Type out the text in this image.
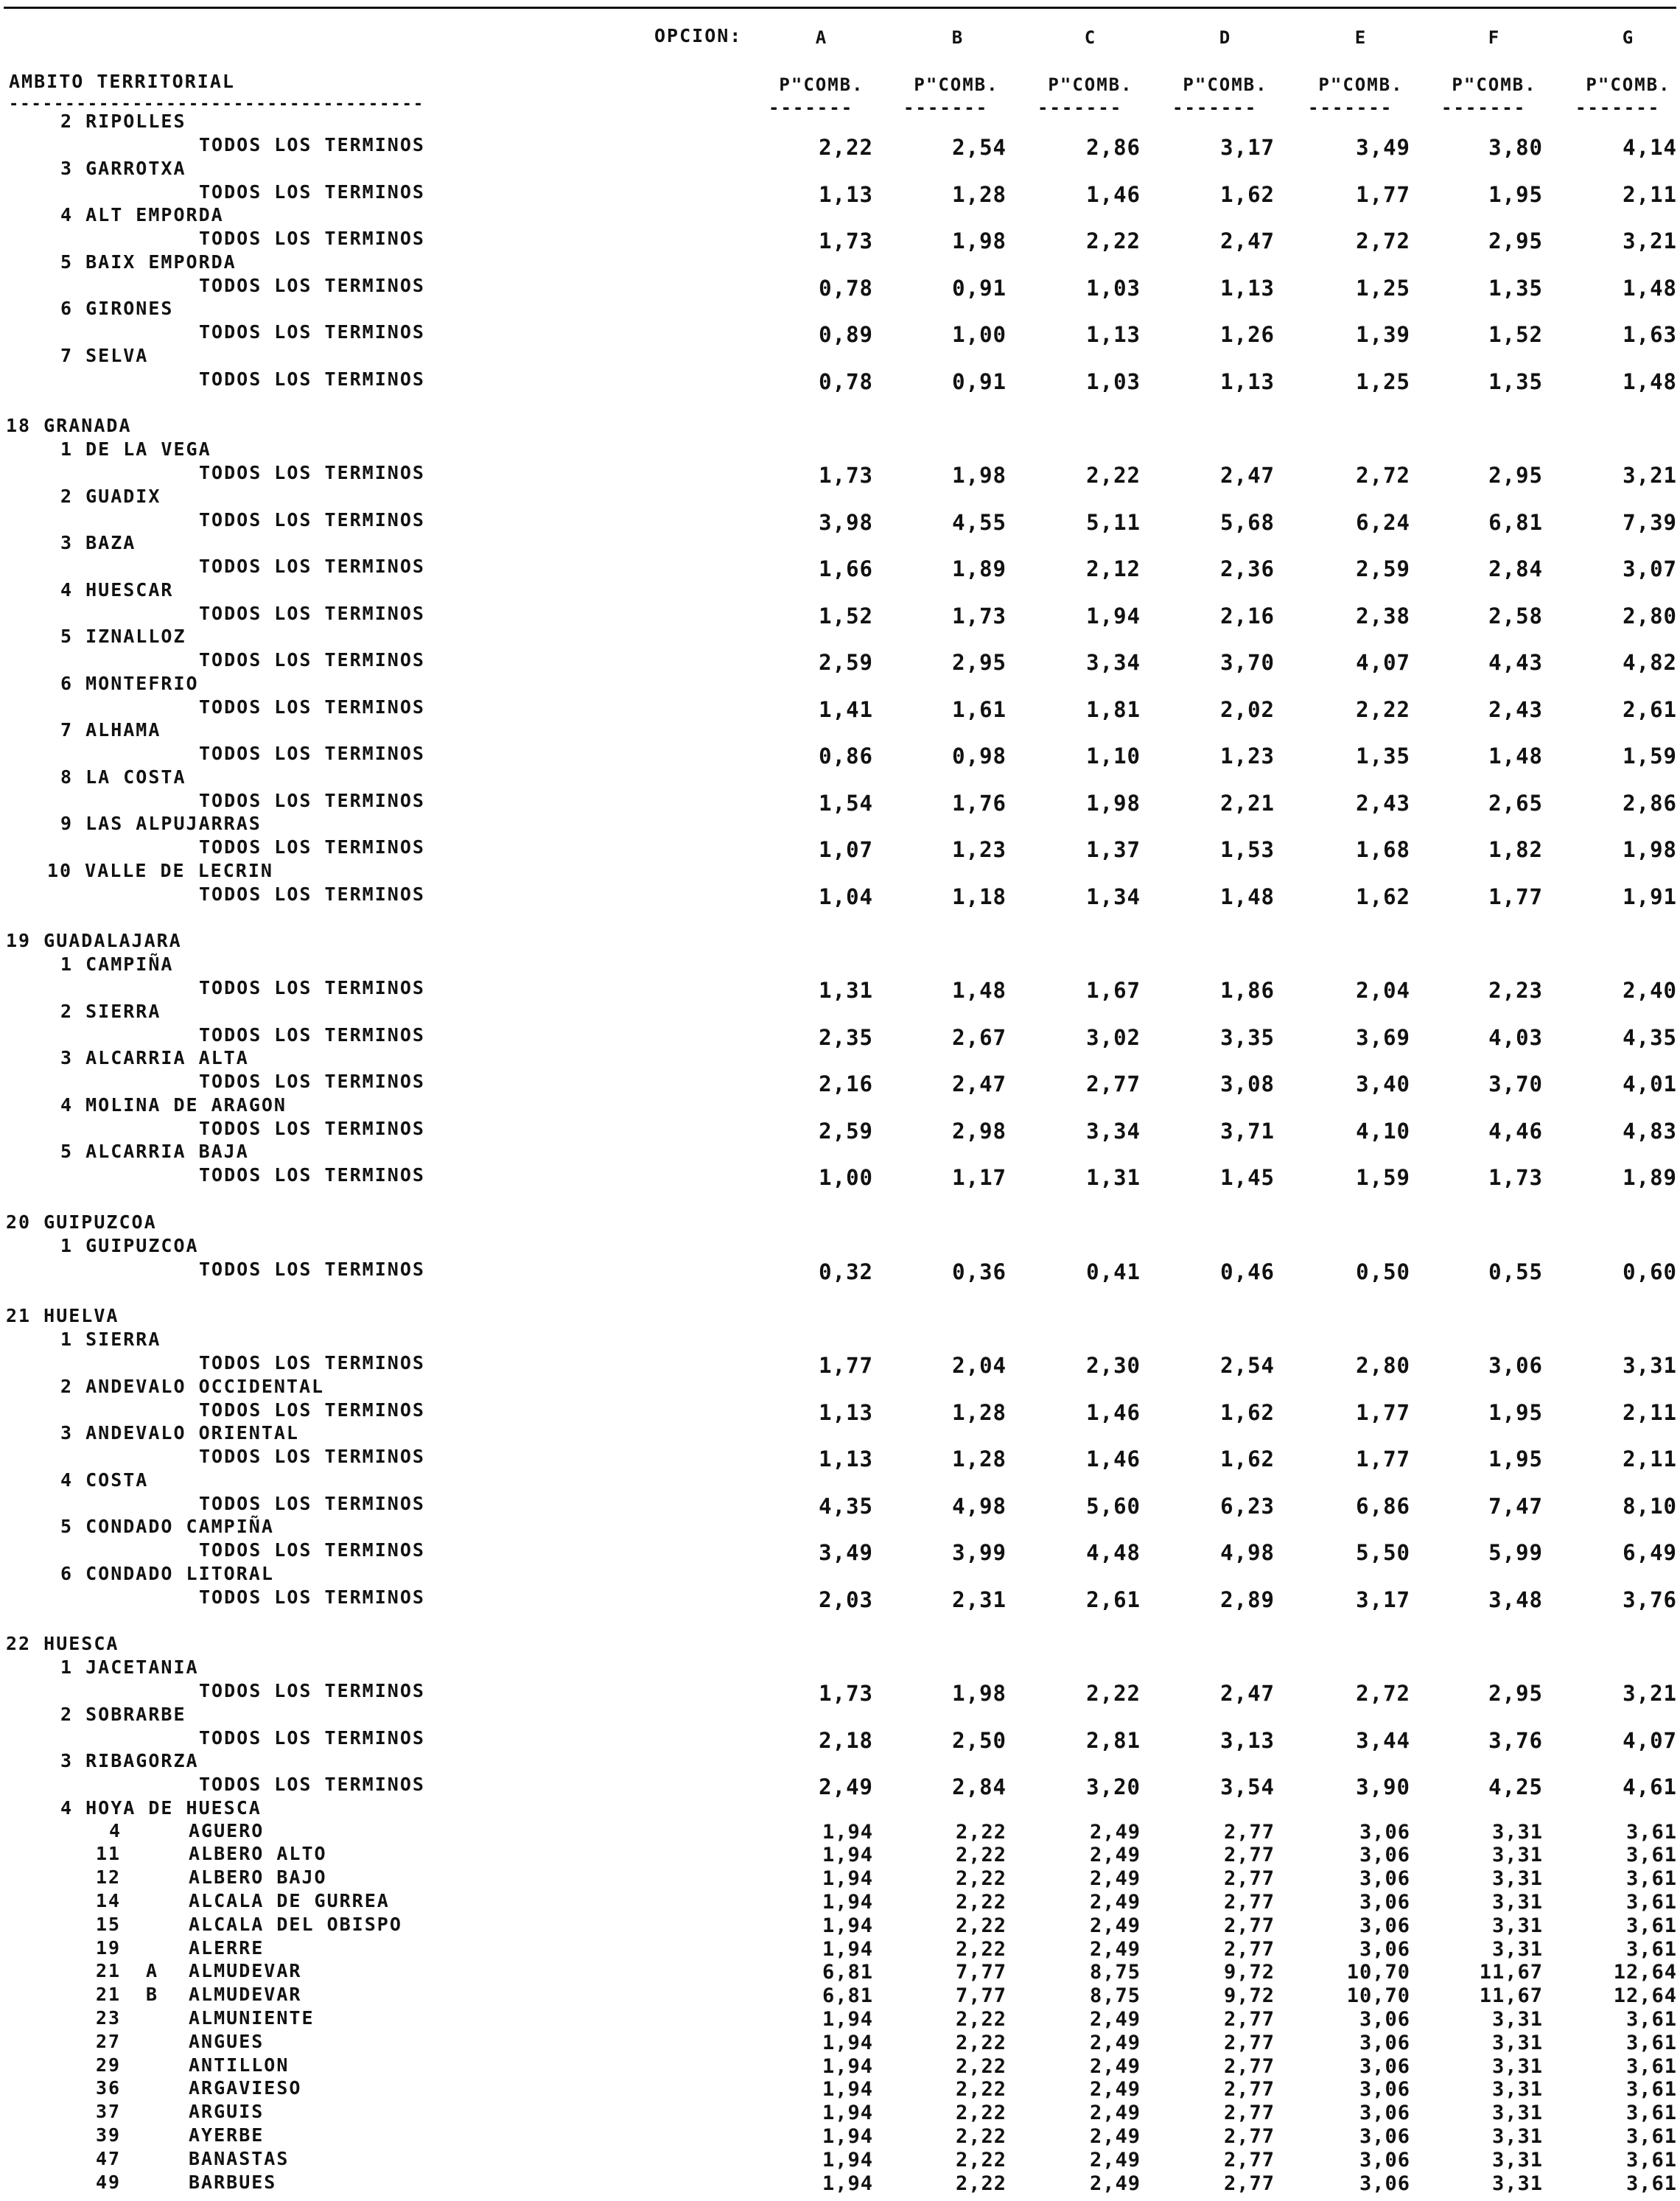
OPCION:	A	B	C	D	E	F	G
AMBITO TERRITORIAL
-------------------------------------
P"COMB.	P"COMB.	P"COMB.	P"COMB.	P"COMB.	P"COMB.	P"COMB.
-------	-------	-------	-------	-------	-------	-------
2 RIPOLLES
TODOS LOS TERMINOS	2,22	2,54	2,86	3,17	3,49	3,80	4,14
3 GARROTXA
TODOS LOS TERMINOS	1,13	1,28	1,46	1,62	1,77	1,95	2,11
4 ALT EMPORDA
TODOS LOS TERMINOS	1,73	1,98	2,22	2,47	2,72	2,95	3,21
5 BAIX EMPORDA
TODOS LOS TERMINOS	0,78	0,91	1,03	1,13	1,25	1,35	1,48
6 GIRONES
TODOS LOS TERMINOS	0,89	1,00	1,13	1,26	1,39	1,52	1,63
7 SELVA
TODOS LOS TERMINOS	0,78	0,91	1,03	1,13	1,25	1,35	1,48
18 GRANADA
1 DE LA VEGA
TODOS LOS TERMINOS	1,73	1,98	2,22	2,47	2,72	2,95	3,21
2 GUADIX
TODOS LOS TERMINOS	3,98	4,55	5,11	5,68	6,24	6,81	7,39
3 BAZA
TODOS LOS TERMINOS	1,66	1,89	2,12	2,36	2,59	2,84	3,07
4 HUESCAR
TODOS LOS TERMINOS	1,52	1,73	1,94	2,16	2,38	2,58	2,80
5 IZNALLOZ
TODOS LOS TERMINOS	2,59	2,95	3,34	3,70	4,07	4,43	4,82
6 MONTEFRIO
TODOS LOS TERMINOS	1,41	1,61	1,81	2,02	2,22	2,43	2,61
7 ALHAMA
TODOS LOS TERMINOS	0,86	0,98	1,10	1,23	1,35	1,48	1,59
8 LA COSTA
TODOS LOS TERMINOS	1,54	1,76	1,98	2,21	2,43	2,65	2,86
9 LAS ALPUJARRAS
TODOS LOS TERMINOS	1,07	1,23	1,37	1,53	1,68	1,82	1,98
10 VALLE DE LECRIN
TODOS LOS TERMINOS	1,04	1,18	1,34	1,48	1,62	1,77	1,91
19 GUADALAJARA
1 CAMPIÑA
TODOS LOS TERMINOS	1,31	1,48	1,67	1,86	2,04	2,23	2,40
2 SIERRA
TODOS LOS TERMINOS	2,35	2,67	3,02	3,35	3,69	4,03	4,35
3 ALCARRIA ALTA
TODOS LOS TERMINOS	2,16	2,47	2,77	3,08	3,40	3,70	4,01
4 MOLINA DE ARAGON
TODOS LOS TERMINOS	2,59	2,98	3,34	3,71	4,10	4,46	4,83
5 ALCARRIA BAJA
TODOS LOS TERMINOS	1,00	1,17	1,31	1,45	1,59	1,73	1,89
20 GUIPUZCOA
1 GUIPUZCOA
TODOS LOS TERMINOS	0,32	0,36	0,41	0,46	0,50	0,55	0,60
21 HUELVA
1 SIERRA
TODOS LOS TERMINOS	1,77	2,04	2,30	2,54	2,80	3,06	3,31
2 ANDEVALO OCCIDENTAL
TODOS LOS TERMINOS	1,13	1,28	1,46	1,62	1,77	1,95	2,11
3 ANDEVALO ORIENTAL
TODOS LOS TERMINOS	1,13	1,28	1,46	1,62	1,77	1,95	2,11
4 COSTA
TODOS LOS TERMINOS	4,35	4,98	5,60	6,23	6,86	7,47	8,10
5 CONDADO CAMPIÑA
TODOS LOS TERMINOS	3,49	3,99	4,48	4,98	5,50	5,99	6,49
6 CONDADO LITORAL
TODOS LOS TERMINOS	2,03	2,31	2,61	2,89	3,17	3,48	3,76
22 HUESCA
1 JACETANIA
TODOS LOS TERMINOS	1,73	1,98	2,22	2,47	2,72	2,95	3,21
2 SOBRARBE
TODOS LOS TERMINOS	2,18	2,50	2,81	3,13	3,44	3,76	4,07
3 RIBAGORZA
TODOS LOS TERMINOS	2,49	2,84	3,20	3,54	3,90	4,25	4,61
4 HOYA DE HUESCA
4	AGUERO	1,94	2,22	2,49	2,77	3,06	3,31	3,61
11	ALBERO ALTO	1,94	2,22	2,49	2,77	3,06	3,31	3,61
12	ALBERO BAJO	1,94	2,22	2,49	2,77	3,06	3,31	3,61
14	ALCALA DE GURREA	1,94	2,22	2,49	2,77	3,06	3,31	3,61
15	ALCALA DEL OBISPO	1,94	2,22	2,49	2,77	3,06	3,31	3,61
19	ALERRE	1,94	2,22	2,49	2,77	3,06	3,31	3,61
21 A ALMUDEVAR	6,81	7,77	8,75	9,72	10,70	11,67	12,64
21 B ALMUDEVAR	6,81	7,77	8,75	9,72	10,70	11,67	12,64
23	ALMUNIENTE	1,94	2,22	2,49	2,77	3,06	3,31	3,61
27	ANGUES	1,94	2,22	2,49	2,77	3,06	3,31	3,61
29	ANTILLON	1,94	2,22	2,49	2,77	3,06	3,31	3,61
36	ARGAVIESO	1,94	2,22	2,49	2,77	3,06	3,31	3,61
37	ARGUIS	1,94	2,22	2,49	2,77	3,06	3,31	3,61
39	AYERBE	1,94	2,22	2,49	2,77	3,06	3,31	3,61
47	BANASTAS	1,94	2,22	2,49	2,77	3,06	3,31	3,61
49	BARBUES	1,94	2,22	2,49	2,77	3,06	3,31	3,61
